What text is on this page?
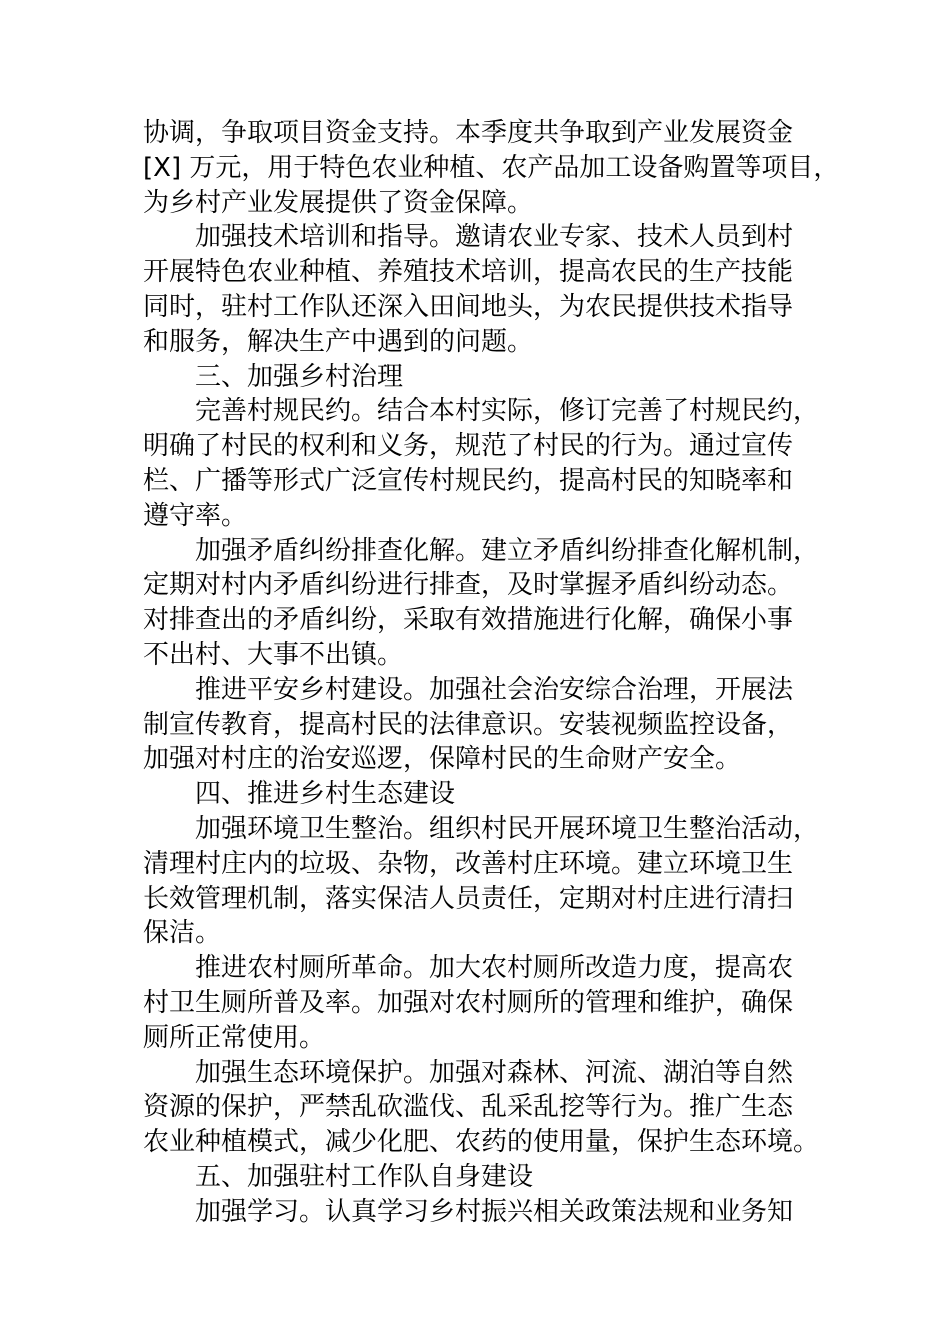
协调，争取项目资金支持。本季度共争取到产业发展资金
[X] 万元，用于特色农业种植、农产品加工设备购置等项目，
为乡村产业发展提供了资金保障。
加强技术培训和指导。邀请农业专家、技术人员到村
开展特色农业种植、养殖技术培训，提高农民的生产技能
同时，驻村工作队还深入田间地头，为农民提供技术指导
和服务，解决生产中遇到的问题。
三、加强乡村治理
完善村规民约。结合本村实际，修订完善了村规民约，
明确了村民的权利和义务，规范了村民的行为。通过宣传
栏、广播等形式广泛宣传村规民约，提高村民的知晓率和
遵守率。
加强矛盾纠纷排查化解。建立矛盾纠纷排查化解机制，
定期对村内矛盾纠纷进行排查，及时掌握矛盾纠纷动态。
对排查出的矛盾纠纷，采取有效措施进行化解，确保小事
不出村、大事不出镇。
推进平安乡村建设。加强社会治安综合治理，开展法
制宣传教育，提高村民的法律意识。安装视频监控设备，
加强对村庄的治安巡逻，保障村民的生命财产安全。
四、推进乡村生态建设
加强环境卫生整治。组织村民开展环境卫生整治活动，
清理村庄内的垃圾、杂物，改善村庄环境。建立环境卫生
长效管理机制，落实保洁人员责任，定期对村庄进行清扫
保洁。
推进农村厕所革命。加大农村厕所改造力度，提高农
村卫生厕所普及率。加强对农村厕所的管理和维护，确保
厕所正常使用。
加强生态环境保护。加强对森林、河流、湖泊等自然
资源的保护，严禁乱砍滥伐、乱采乱挖等行为。推广生态
农业种植模式，减少化肥、农药的使用量，保护生态环境。
五、加强驻村工作队自身建设
加强学习。认真学习乡村振兴相关政策法规和业务知
